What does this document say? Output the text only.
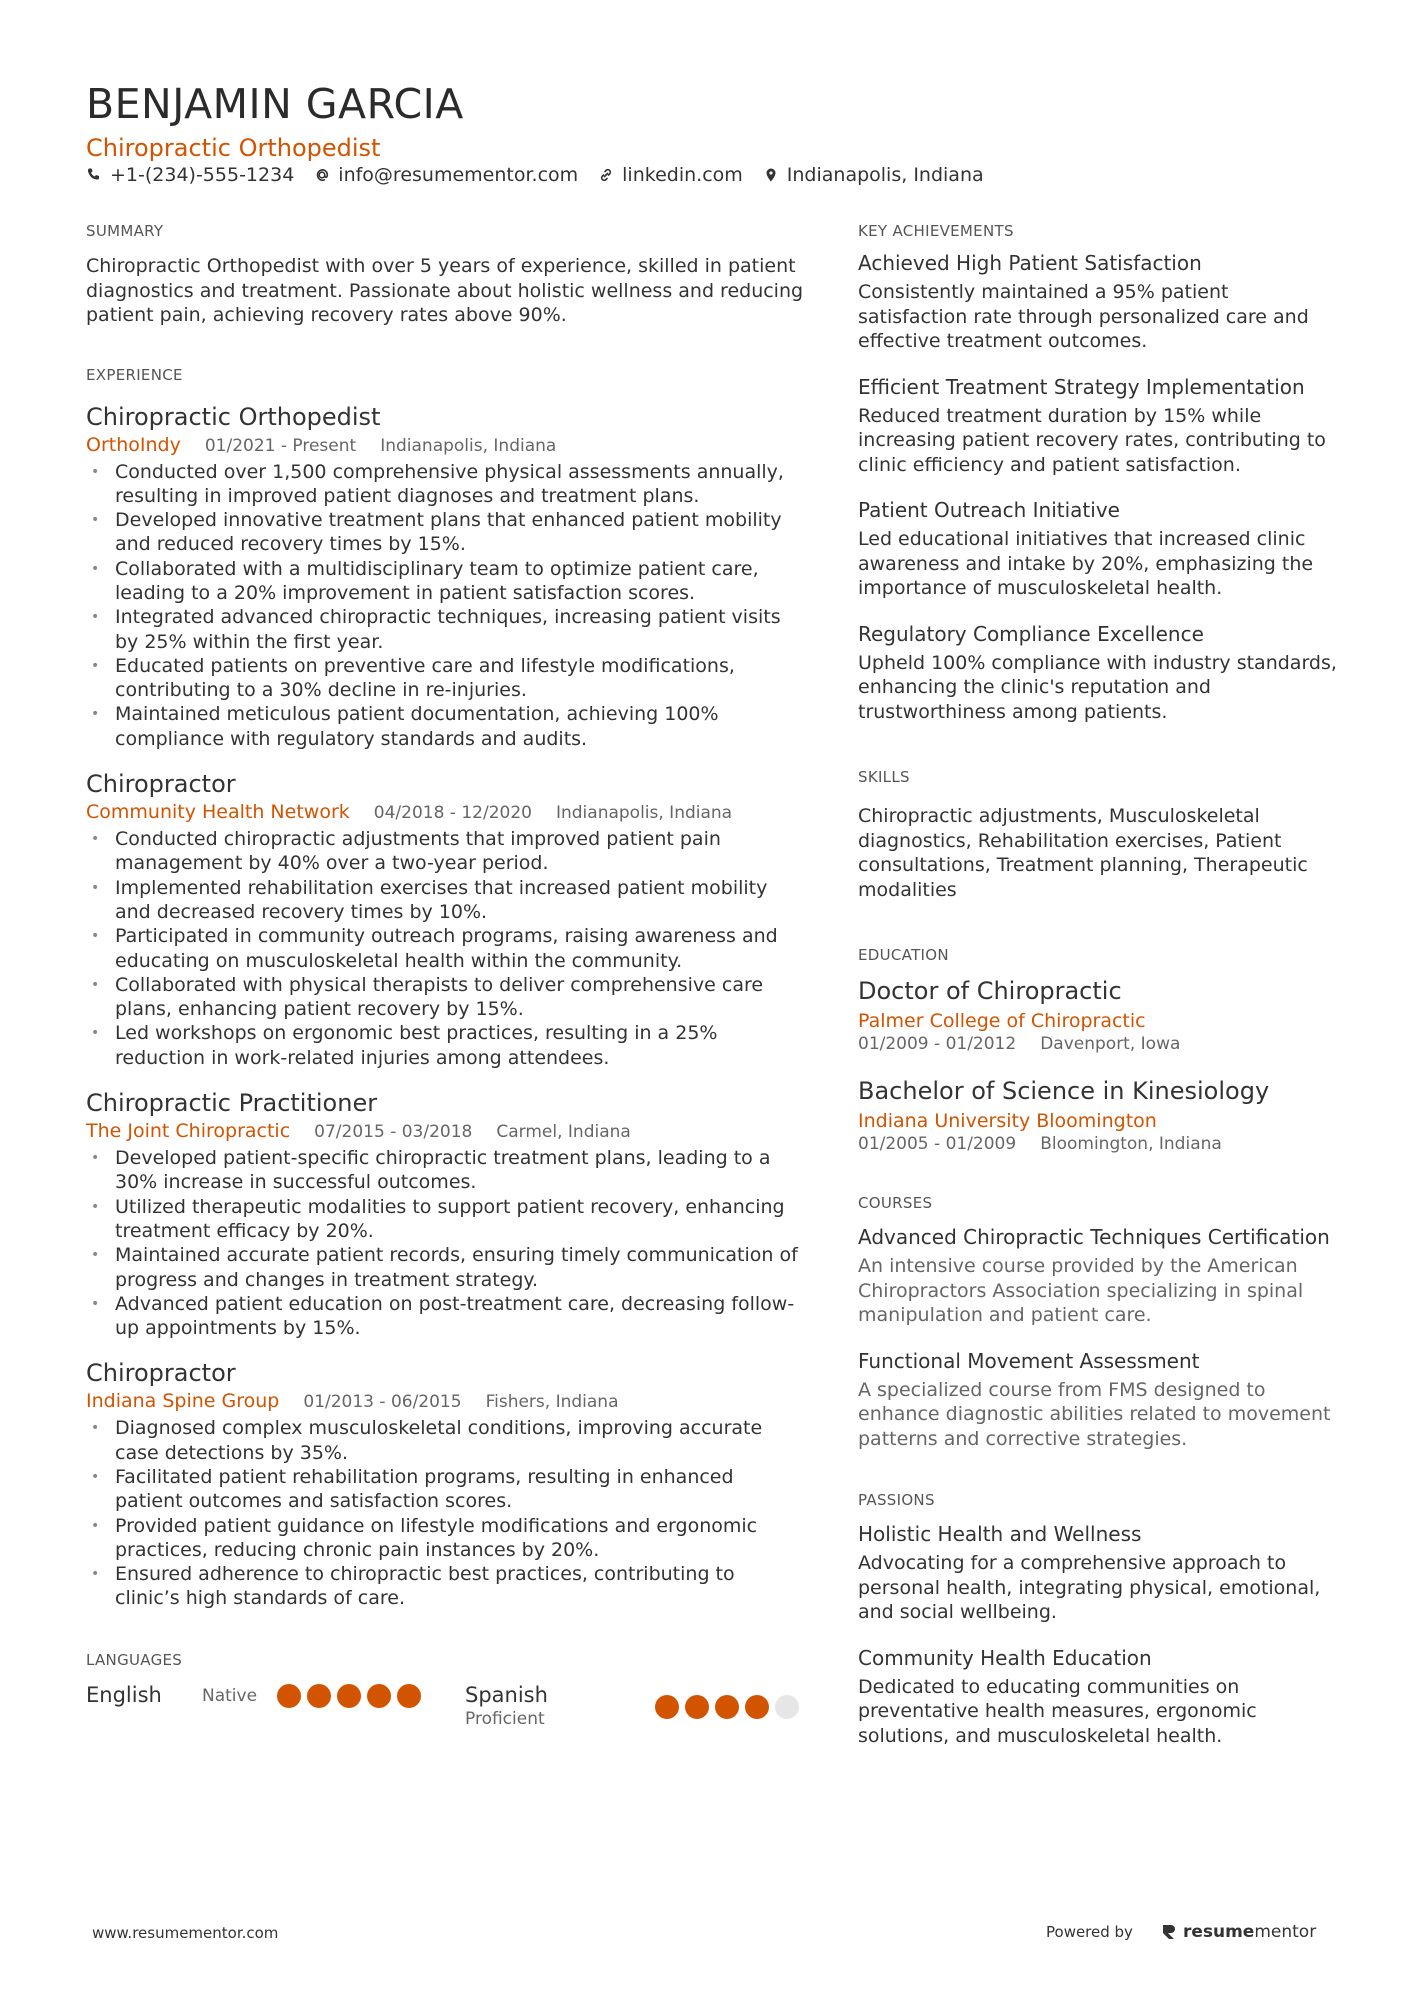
BENJAMIN GARCIA
Chiropractic Orthopedist
+1-(234)-555-1234 info@resumementor.com linkedin.com Indianapolis, Indiana
SUMMARY

Chiropractic Orthopedist with over 5 years of experience, skilled in patient diagnostics and treatment. Passionate about holistic wellness and reducing patient pain, achieving recovery rates above 90%.

EXPERIENCE
Chiropractic Orthopedist
OrthoIndy 01/2021 - Present Indianapolis, Indiana
• Conducted over 1,500 comprehensive physical assessments annually, resulting in improved patient diagnoses and treatment plans.
• Developed innovative treatment plans that enhanced patient mobility and reduced recovery times by 15%.
• Collaborated with a multidisciplinary team to optimize patient care, leading to a 20% improvement in patient satisfaction scores.
• Integrated advanced chiropractic techniques, increasing patient visits by 25% within the first year.
• Educated patients on preventive care and lifestyle modifications, contributing to a 30% decline in re-injuries.
• Maintained meticulous patient documentation, achieving 100% compliance with regulatory standards and audits.
Chiropractor
Community Health Network 04/2018 - 12/2020 Indianapolis, Indiana
• Conducted chiropractic adjustments that improved patient pain management by 40% over a two-year period.
• Implemented rehabilitation exercises that increased patient mobility and decreased recovery times by 10%.
• Participated in community outreach programs, raising awareness and educating on musculoskeletal health within the community.
• Collaborated with physical therapists to deliver comprehensive care plans, enhancing patient recovery by 15%.
• Led workshops on ergonomic best practices, resulting in a 25% reduction in work-related injuries among attendees.
Chiropractic Practitioner
The Joint Chiropractic 07/2015 - 03/2018 Carmel, Indiana
• Developed patient-specific chiropractic treatment plans, leading to a 30% increase in successful outcomes.
• Utilized therapeutic modalities to support patient recovery, enhancing treatment efficacy by 20%.
• Maintained accurate patient records, ensuring timely communication of progress and changes in treatment strategy.
• Advanced patient education on post-treatment care, decreasing follow-up appointments by 15%.
Chiropractor
Indiana Spine Group 01/2013 - 06/2015 Fishers, Indiana
• Diagnosed complex musculoskeletal conditions, improving accurate case detections by 35%.
• Facilitated patient rehabilitation programs, resulting in enhanced patient outcomes and satisfaction scores.
• Provided patient guidance on lifestyle modifications and ergonomic practices, reducing chronic pain instances by 20%.
• Ensured adherence to chiropractic best practices, contributing to clinic’s high standards of care.
LANGUAGES
English	Native	Spanish
Proficient
KEY ACHIEVEMENTS
Achieved High Patient Satisfaction
Consistently maintained a 95% patient satisfaction rate through personalized care and effective treatment outcomes.
Efficient Treatment Strategy Implementation
Reduced treatment duration by 15% while increasing patient recovery rates, contributing to clinic efficiency and patient satisfaction.
Patient Outreach Initiative
Led educational initiatives that increased clinic awareness and intake by 20%, emphasizing the importance of musculoskeletal health.
Regulatory Compliance Excellence
Upheld 100% compliance with industry standards, enhancing the clinic's reputation and trustworthiness among patients.
SKILLS

Chiropractic adjustments, Musculoskeletal diagnostics, Rehabilitation exercises, Patient consultations, Treatment planning, Therapeutic modalities

EDUCATION
Doctor of Chiropractic
Palmer College of Chiropractic
01/2009 - 01/2012 Davenport, Iowa
Bachelor of Science in Kinesiology
Indiana University Bloomington
01/2005 - 01/2009 Bloomington, Indiana
COURSES
Advanced Chiropractic Techniques Certification
An intensive course provided by the American Chiropractors Association specializing in spinal manipulation and patient care.
Functional Movement Assessment
A specialized course from FMS designed to enhance diagnostic abilities related to movement patterns and corrective strategies.
PASSIONS
Holistic Health and Wellness
Advocating for a comprehensive approach to personal health, integrating physical, emotional, and social wellbeing.
Community Health Education
Dedicated to educating communities on preventative health measures, ergonomic solutions, and musculoskeletal health.
www.resumementor.com	Powered by	resumementor
